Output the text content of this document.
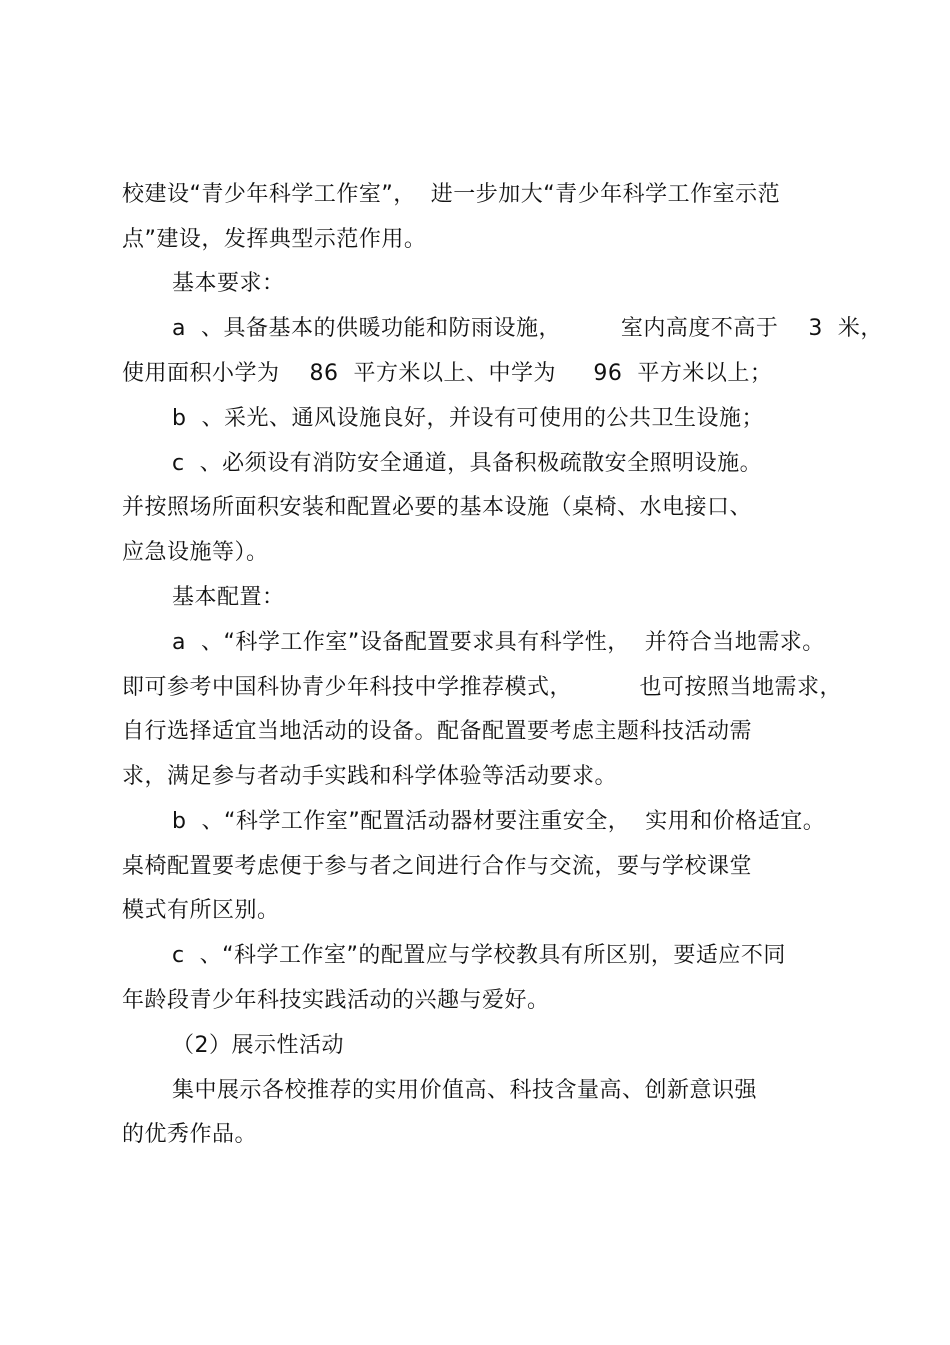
校建设“青少年科学工作室”，  进一步加大“青少年科学工作室示范
点”建设，发挥典型示范作用。
基本要求：
a  、具备基本的供暖功能和防雨设施，        室内高度不高于    3  米，
使用面积小学为    86  平方米以上、中学为     96  平方米以上；
b  、采光、通风设施良好，并设有可使用的公共卫生设施；
c  、必须设有消防安全通道，具备积极疏散安全照明设施。
并按照场所面积安装和配置必要的基本设施（桌椅、水电接口、
应急设施等）。
基本配置：
a  、“科学工作室”设备配置要求具有科学性，  并符合当地需求。
即可参考中国科协青少年科技中学推荐模式，         也可按照当地需求，
自行选择适宜当地活动的设备。配备配置要考虑主题科技活动需
求，满足参与者动手实践和科学体验等活动要求。
b  、“科学工作室”配置活动器材要注重安全，  实用和价格适宜。
桌椅配置要考虑便于参与者之间进行合作与交流，要与学校课堂
模式有所区别。
c  、“科学工作室”的配置应与学校教具有所区别，要适应不同
年龄段青少年科技实践活动的兴趣与爱好。
（2）展示性活动
集中展示各校推荐的实用价值高、科技含量高、创新意识强
的优秀作品。
